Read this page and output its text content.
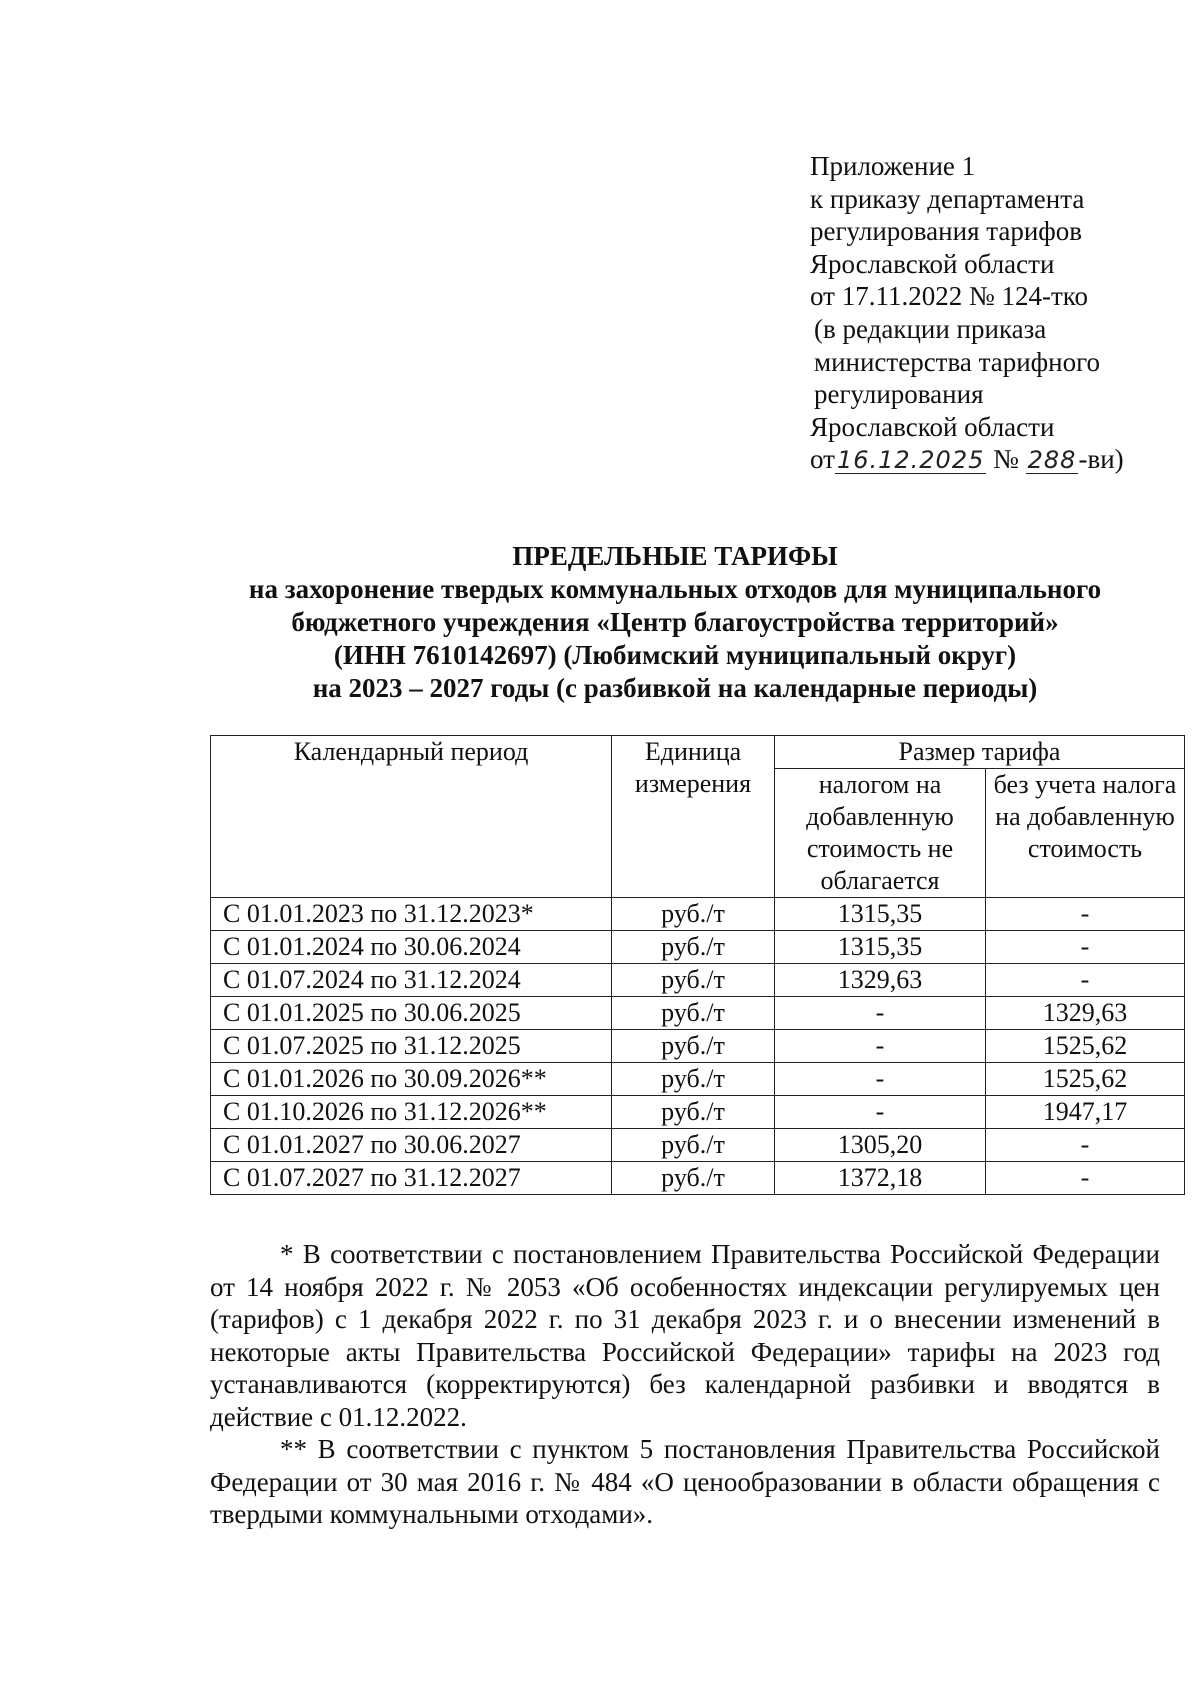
Приложение 1
к приказу департамента
регулирования тарифов
Ярославской области
от 17.11.2022 № 124-тко
(в редакции приказа
министерства тарифного
регулирования
Ярославской области
от16.12.2025 № 288-ви)
ПРЕДЕЛЬНЫЕ ТАРИФЫ
на захоронение твердых коммунальных отходов для муниципального
бюджетного учреждения «Центр благоустройства территорий»
(ИНН 7610142697) (Любимский муниципальный округ)
на 2023 – 2027 годы (с разбивкой на календарные периоды)
Календарный период	Единица измерения	Размер тарифа	
		налогом на добавленную стоимость не облагается	без учета налога на добавленную стоимость
С 01.01.2023 по 31.12.2023*	руб./т	1315,35	-
С 01.01.2024 по 30.06.2024	руб./т	1315,35	-
С 01.07.2024 по 31.12.2024	руб./т	1329,63	-
С 01.01.2025 по 30.06.2025	руб./т	-	1329,63
С 01.07.2025 по 31.12.2025	руб./т	-	1525,62
С 01.01.2026 по 30.09.2026**	руб./т	-	1525,62
С 01.10.2026 по 31.12.2026**	руб./т	-	1947,17
С 01.01.2027 по 30.06.2027	руб./т	1305,20	-
С 01.07.2027 по 31.12.2027	руб./т	1372,18	-

* В соответствии с постановлением Правительства Российской Федерации от 14 ноября 2022 г. № 2053 «Об особенностях индексации регулируемых цен (тарифов) с 1 декабря 2022 г. по 31 декабря 2023 г. и о внесении изменений в некоторые акты Правительства Российской Федерации» тарифы на 2023 год устанавливаются (корректируются) без календарной разбивки и вводятся в действие с 01.12.2022.

** В соответствии с пунктом 5 постановления Правительства Российской Федерации от 30 мая 2016 г. № 484 «О ценообразовании в области обращения с твердыми коммунальными отходами».
